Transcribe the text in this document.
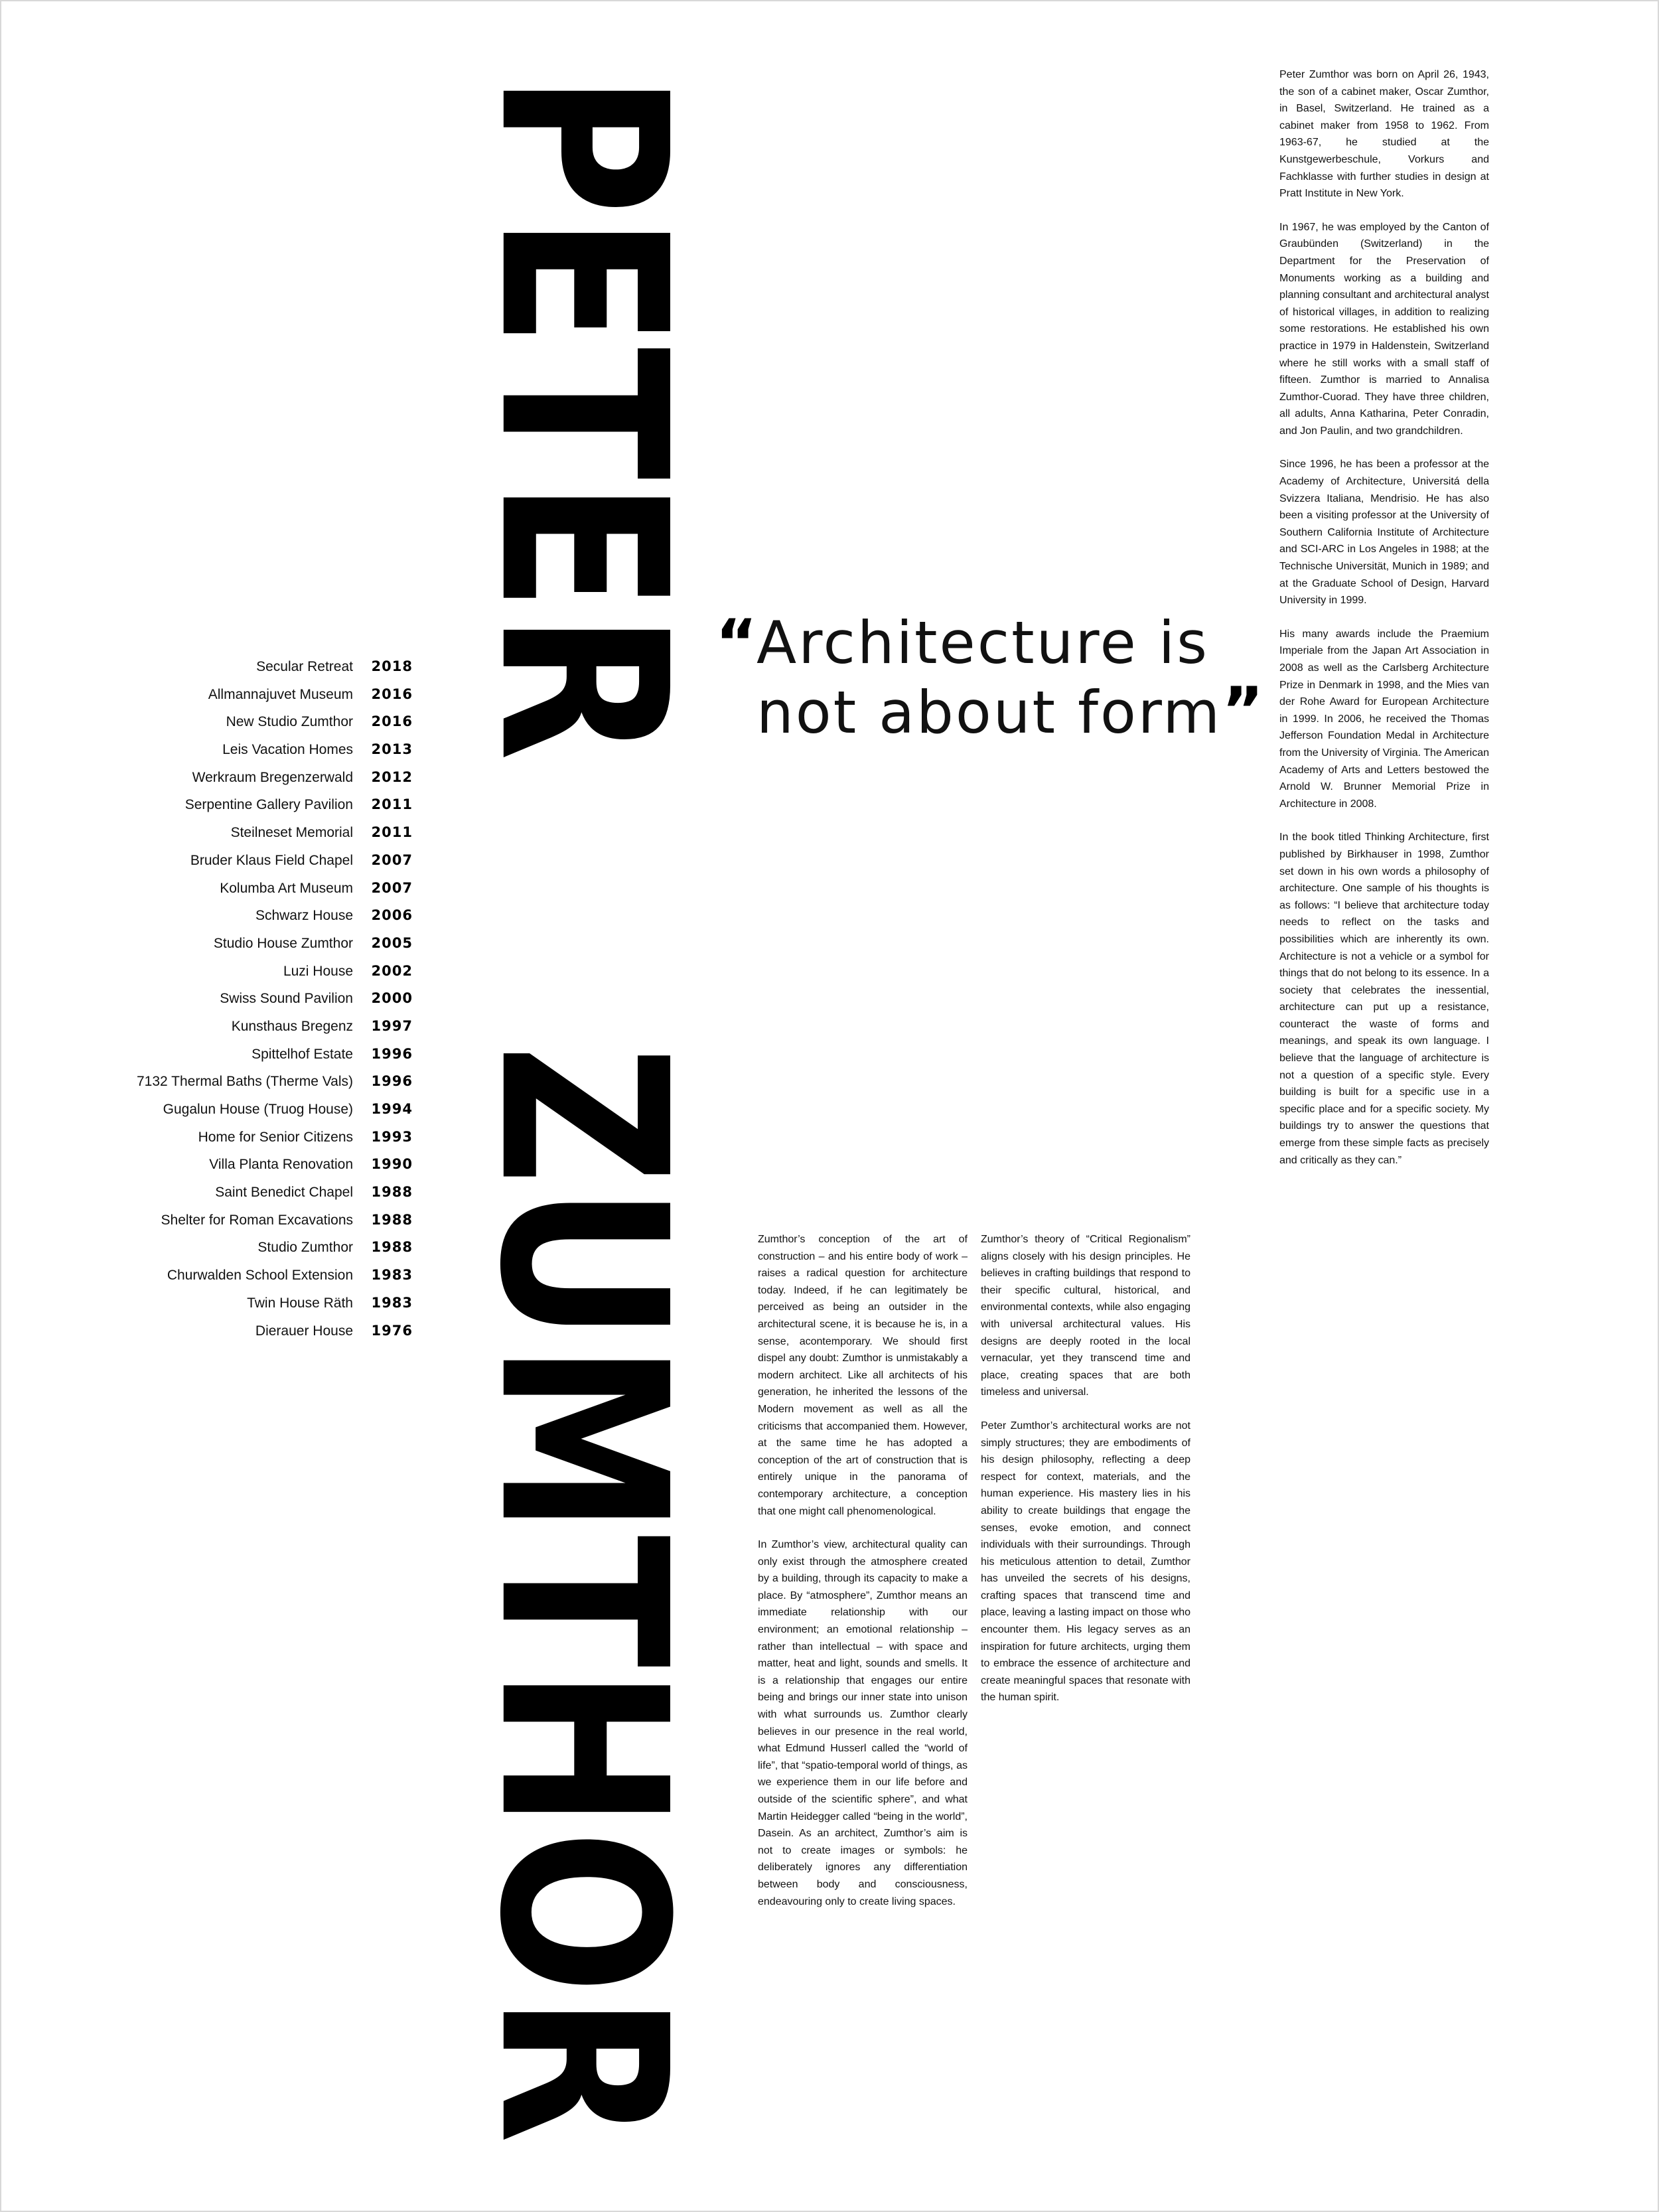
PETER
ZUMTHOR
Secular Retreat	2018
Allmannajuvet Museum	2016
New Studio Zumthor	2016
Leis Vacation Homes	2013
Werkraum Bregenzerwald	2012
Serpentine Gallery Pavilion	2011
Steilneset Memorial	2011
Bruder Klaus Field Chapel	2007
Kolumba Art Museum	2007
Schwarz House	2006
Studio House Zumthor	2005
Luzi House	2002
Swiss Sound Pavilion	2000
Kunsthaus Bregenz	1997
Spittelhof Estate	1996
7132 Thermal Baths (Therme Vals)	1996
Gugalun House (Truog House)	1994
Home for Senior Citizens	1993
Villa Planta Renovation	1990
Saint Benedict Chapel	1988
Shelter for Roman Excavations	1988
Studio Zumthor	1988
Churwalden School Extension	1983
Twin House Räth	1983
Dierauer House	1976
“
Architecture is
not about form”

Peter Zumthor was born on April 26, 1943, the son of a cabinet maker, Oscar Zumthor, in Basel, Switzerland. He trained as a cabinet maker from 1958 to 1962. From 1963-67, he studied at the Kunstgewerbeschule, Vorkurs and Fachklasse with further studies in design at Pratt Institute in New York.

In 1967, he was employed by the Canton of Graubünden (Switzerland) in the Department for the Preservation of Monuments working as a building and planning consultant and architectural analyst of historical villages, in addition to realizing some restorations. He established his own practice in 1979 in Haldenstein, Switzerland where he still works with a small staff of fifteen. Zumthor is married to Annalisa Zumthor-Cuorad. They have three children, all adults, Anna Katharina, Peter Conradin, and Jon Paulin, and two grandchildren.

Since 1996, he has been a professor at the Academy of Architecture, Universitá della Svizzera Italiana, Mendrisio. He has also been a visiting professor at the University of Southern California Institute of Architecture and SCI-ARC in Los Angeles in 1988; at the Technische Universität, Munich in 1989; and at the Graduate School of Design, Harvard University in 1999.

His many awards include the Praemium Imperiale from the Japan Art Association in 2008 as well as the Carlsberg Architecture Prize in Denmark in 1998, and the Mies van der Rohe Award for European Architecture in 1999. In 2006, he received the Thomas Jefferson Foundation Medal in Architecture from the University of Virginia. The American Academy of Arts and Letters bestowed the Arnold W. Brunner Memorial Prize in Architecture in 2008.

In the book titled Thinking Architecture, first published by Birkhauser in 1998, Zumthor set down in his own words a philosophy of architecture. One sample of his thoughts is as follows: “I believe that architecture today needs to reflect on the tasks and possibilities which are inherently its own. Architecture is not a vehicle or a symbol for things that do not belong to its essence. In a society that celebrates the inessential, architecture can put up a resistance, counteract the waste of forms and meanings, and speak its own language. I believe that the language of architecture is not a question of a specific style. Every building is built for a specific use in a specific place and for a specific society. My buildings try to answer the questions that emerge from these simple facts as precisely and critically as they can.”

Zumthor’s conception of the art of construction – and his entire body of work – raises a radical question for architecture today. Indeed, if he can legitimately be perceived as being an outsider in the architectural scene, it is because he is, in a sense, acontemporary. We should first dispel any doubt: Zumthor is unmistakably a modern architect. Like all architects of his generation, he inherited the lessons of the Modern movement as well as all the criticisms that accompanied them. However, at the same time he has adopted a conception of the art of construction that is entirely unique in the panorama of contemporary architecture, a conception that one might call phenomenological.

In Zumthor’s view, architectural quality can only exist through the atmosphere created by a building, through its capacity to make a place. By “atmosphere”, Zumthor means an immediate relationship with our environment; an emotional relationship – rather than intellectual – with space and matter, heat and light, sounds and smells. It is a relationship that engages our entire being and brings our inner state into unison with what surrounds us. Zumthor clearly believes in our presence in the real world, what Edmund Husserl called the “world of life”, that “spatio-temporal world of things, as we experience them in our life before and outside of the scientific sphere”, and what Martin Heidegger called “being in the world”, Dasein. As an architect, Zumthor’s aim is not to create images or symbols: he deliberately ignores any differentiation between body and consciousness, endeavouring only to create living spaces.

Zumthor’s theory of “Critical Regionalism” aligns closely with his design principles. He believes in crafting buildings that respond to their specific cultural, historical, and environmental contexts, while also engaging with universal architectural values. His designs are deeply rooted in the local vernacular, yet they transcend time and place, creating spaces that are both timeless and universal.

Peter Zumthor’s architectural works are not simply structures; they are embodiments of his design philosophy, reflecting a deep respect for context, materials, and the human experience. His mastery lies in his ability to create buildings that engage the senses, evoke emotion, and connect individuals with their surroundings. Through his meticulous attention to detail, Zumthor has unveiled the secrets of his designs, crafting spaces that transcend time and place, leaving a lasting impact on those who encounter them. His legacy serves as an inspiration for future architects, urging them to embrace the essence of architecture and create meaningful spaces that resonate with the human spirit.
